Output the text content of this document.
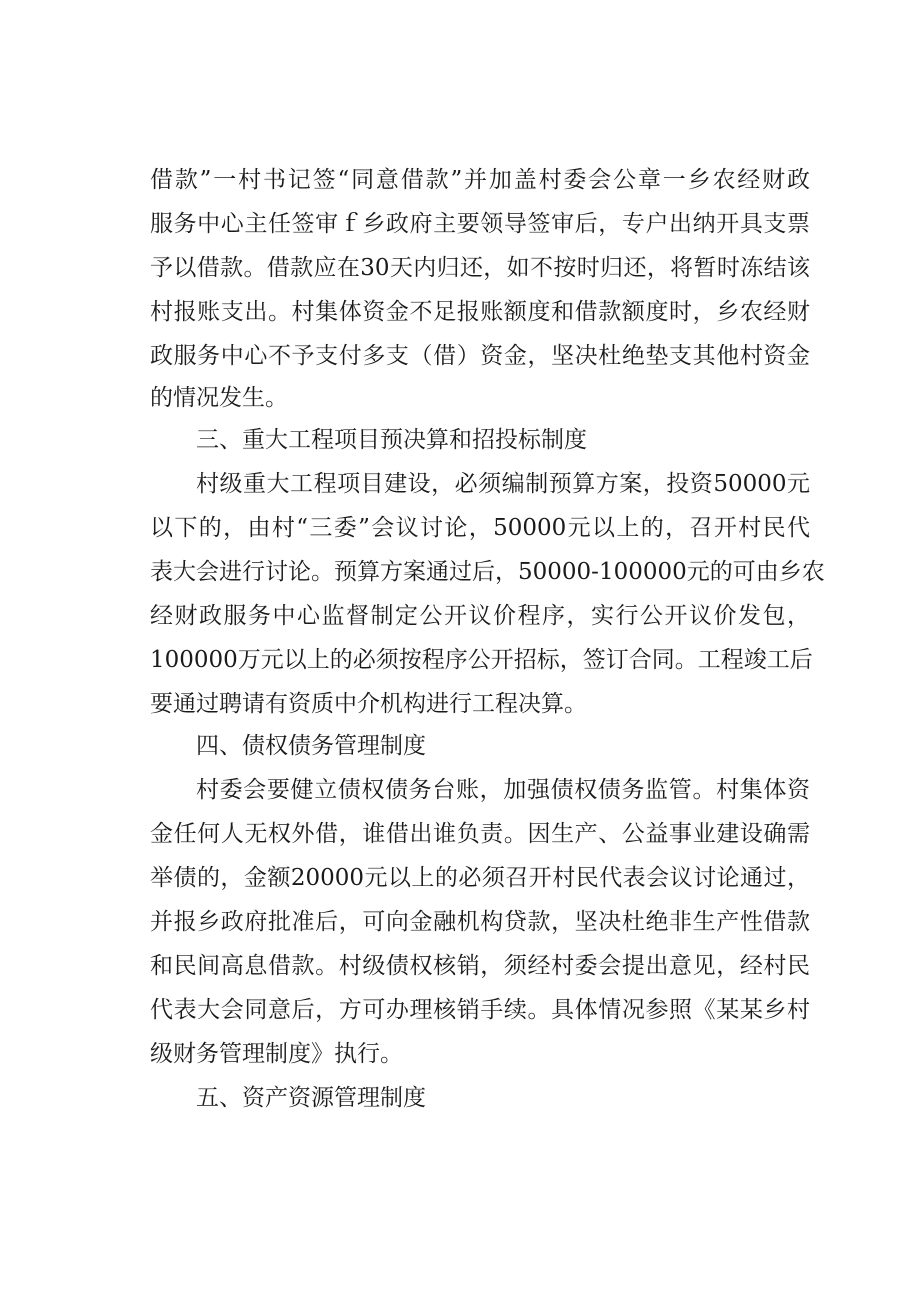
借款”一村书记签“同意借款”并加盖村委会公章一乡农经财政
服务中心主任签审ｆ乡政府主要领导签审后，专户出纳开具支票
予以借款。借款应在30天内归还，如不按时归还，将暂时冻结该
村报账支出。村集体资金不足报账额度和借款额度时，乡农经财
政服务中心不予支付多支（借）资金，坚决杜绝垫支其他村资金
的情况发生。
三、重大工程项目预决算和招投标制度
村级重大工程项目建设，必须编制预算方案，投资50000元
以下的，由村“三委”会议讨论，50000元以上的，召开村民代
表大会进行讨论。预算方案通过后，50000-100000元的可由乡农
经财政服务中心监督制定公开议价程序，实行公开议价发包，
100000万元以上的必须按程序公开招标，签订合同。工程竣工后
要通过聘请有资质中介机构进行工程决算。
四、债权债务管理制度
村委会要健立债权债务台账，加强债权债务监管。村集体资
金任何人无权外借，谁借出谁负责。因生产、公益事业建设确需
举债的，金额20000元以上的必须召开村民代表会议讨论通过，
并报乡政府批准后，可向金融机构贷款，坚决杜绝非生产性借款
和民间高息借款。村级债权核销，须经村委会提出意见，经村民
代表大会同意后，方可办理核销手续。具体情况参照《某某乡村
级财务管理制度》执行。
五、资产资源管理制度
